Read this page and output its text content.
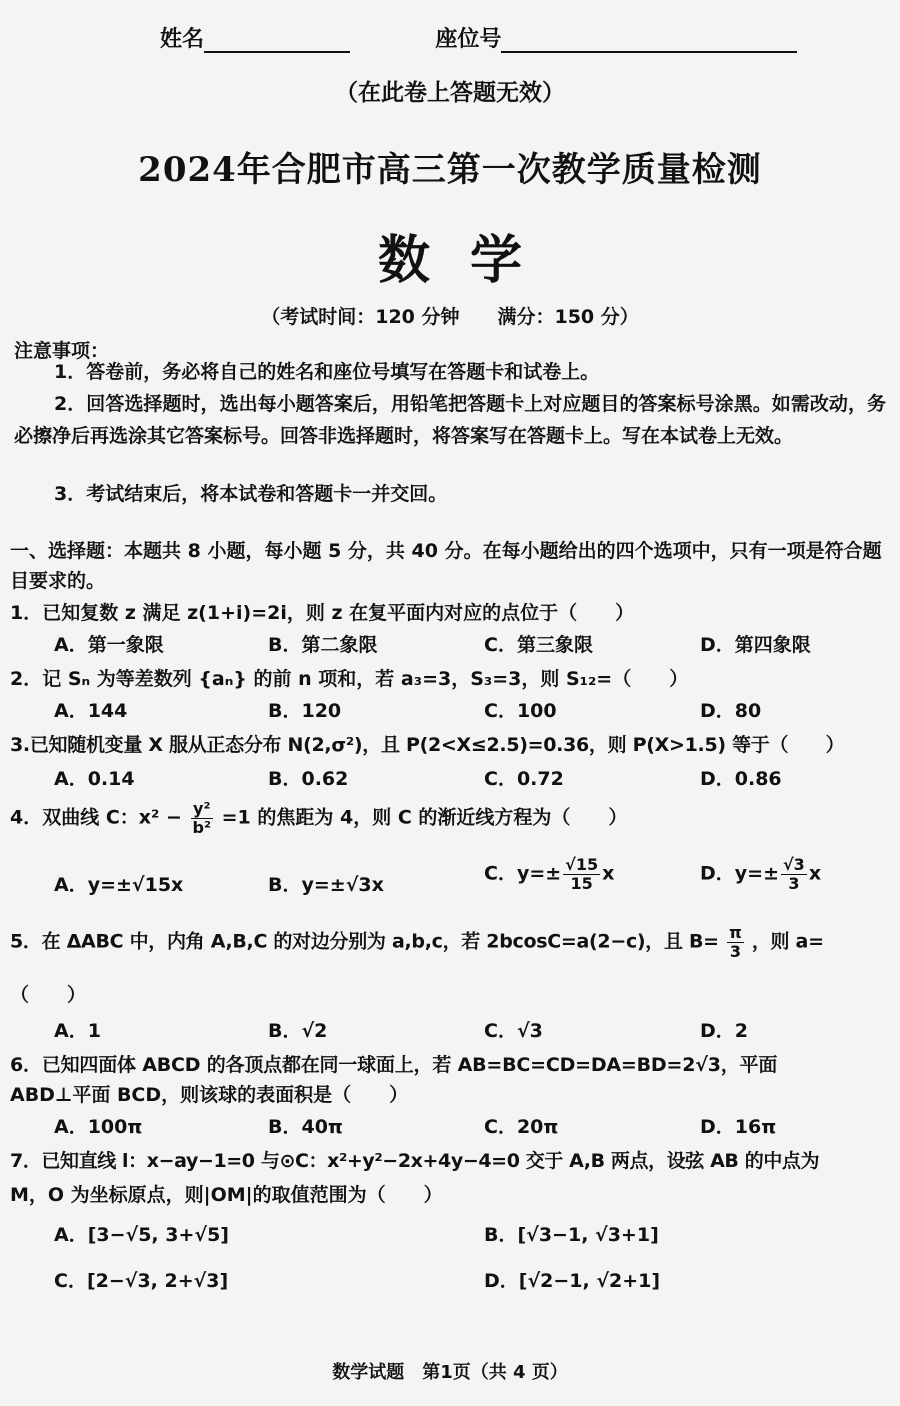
姓名	座位号
（在此卷上答题无效）
2024年合肥市高三第一次教学质量检测
数学
（考试时间：120 分钟　　满分：150 分）
注意事项：
1．答卷前，务必将自己的姓名和座位号填写在答题卡和试卷上。
2．回答选择题时，选出每小题答案后，用铅笔把答题卡上对应题目的答案标号涂黑。如需改动，务必擦净后再选涂其它答案标号。回答非选择题时，将答案写在答题卡上。写在本试卷上无效。
3．考试结束后，将本试卷和答题卡一并交回。
一、选择题：本题共 8 小题，每小题 5 分，共 40 分。在每小题给出的四个选项中，只有一项是符合题目要求的。
1．已知复数 z 满足 z(1+i)=2i，则 z 在复平面内对应的点位于（　　）
A．第一象限	B．第二象限	C．第三象限	D．第四象限
2．记 Sₙ 为等差数列 {aₙ} 的前 n 项和，若 a₃=3，S₃=3，则 S₁₂=（　　）
A．144	B．120	C．100	D．80
3.已知随机变量 X 服从正态分布 N(2,σ²)，且 P(2<X≤2.5)=0.36，则 P(X>1.5) 等于（　　）
A．0.14	B．0.62	C．0.72	D．0.86
4．双曲线 C：$x^2 - \frac{\text{y²}}{\text{b²}} =1$ 的焦距为 4，则 C 的渐近线方程为（　　）
A．y=±√15x	B．y=±√3x
C．$y=\pm \frac{√15}{15}$ x	D．$y=\pm \frac{√3}{3}$ x
5．在 ΔABC 中，内角 A,B,C 的对边分别为 a,b,c，若 2bcosC=a(2−c)，且 $B= \frac{\pi}{3}$ ，则 a=
（　　）
A．1	B．√2	C．√3	D．2
6．已知四面体 ABCD 的各顶点都在同一球面上，若 AB=BC=CD=DA=BD=2√3，平面
ABD⊥平面 BCD，则该球的表面积是（　　）
A．100π	B．40π	C．20π	D．16π
7．已知直线 l：x−ay−1=0 与⊙C：x²+y²−2x+4y−4=0 交于 A,B 两点，设弦 AB 的中点为
M，O 为坐标原点，则|OM|的取值范围为（　　）
A．[3−√5, 3+√5]	B．[√3−1, √3+1]
C．[2−√3, 2+√3]	D．[√2−1, √2+1]
数学试题　第1页（共 4 页）
